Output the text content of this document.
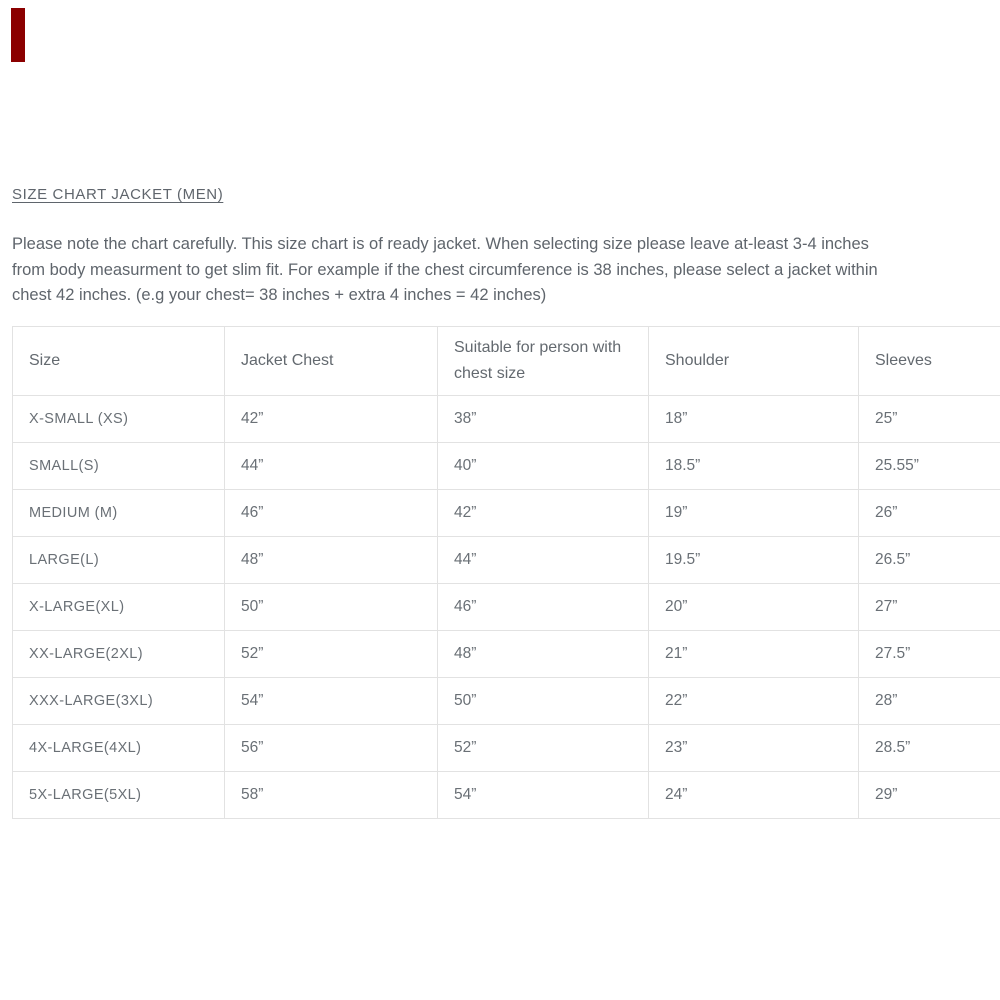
SIZE CHART JACKET (MEN)

Please note the chart carefully. This size chart is of ready jacket. When selecting size please leave at-least 3-4 inches
from body measurment to get slim fit. For example if the chest circumference is 38 inches, please select a jacket within
chest 42 inches. (e.g your chest= 38 inches + extra 4 inches = 42 inches)

Size	Jacket Chest	Suitable for person with chest size	Shoulder	Sleeves
X-SMALL (XS)	42”	38”	18”	25”
SMALL(S)	44”	40”	18.5”	25.55”
MEDIUM (M)	46”	42”	19”	26”
LARGE(L)	48”	44”	19.5”	26.5”
X-LARGE(XL)	50”	46”	20”	27”
XX-LARGE(2XL)	52”	48”	21”	27.5”
XXX-LARGE(3XL)	54”	50”	22”	28”
4X-LARGE(4XL)	56”	52”	23”	28.5”
5X-LARGE(5XL)	58”	54”	24”	29”
